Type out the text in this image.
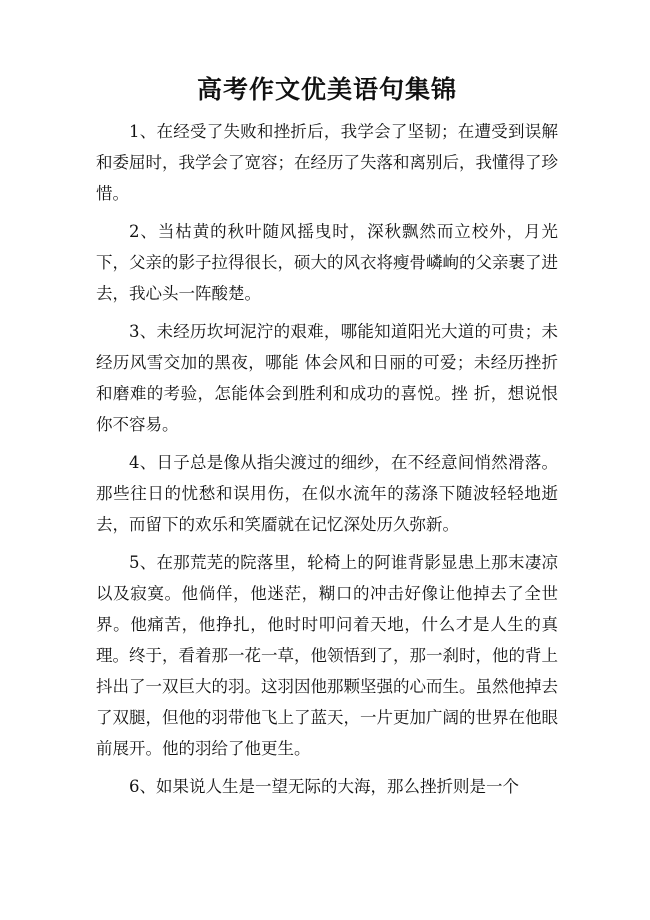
高考作文优美语句集锦

1、在经受了失败和挫折后，我学会了坚韧；在遭受到误解和委屈时，我学会了宽容；在经历了失落和离别后，我懂得了珍惜。

2、当枯黄的秋叶随风摇曳时，深秋飘然而立校外，月光下，父亲的影子拉得很长，硕大的风衣将瘦骨嶙峋的父亲裹了进去，我心头一阵酸楚。

3、未经历坎坷泥泞的艰难，哪能知道阳光大道的可贵；未经历风雪交加的黑夜，哪能 体会风和日丽的可爱；未经历挫折和磨难的考验，怎能体会到胜利和成功的喜悦。挫 折，想说恨你不容易。

4、日子总是像从指尖渡过的细纱，在不经意间悄然滑落。那些往日的忧愁和误用伤，在似水流年的荡涤下随波轻轻地逝去，而留下的欢乐和笑靥就在记忆深处历久弥新。

5、在那荒芜的院落里，轮椅上的阿谁背影显患上那末凄凉以及寂寞。他倘佯，他迷茫，糊口的冲击好像让他掉去了全世界。他痛苦，他挣扎，他时时叩问着天地，什么才是人生的真理。终于，看着那一花一草，他领悟到了，那一刹时，他的背上抖出了一双巨大的羽。这羽因他那颗坚强的心而生。虽然他掉去了双腿，但他的羽带他飞上了蓝天，一片更加广阔的世界在他眼前展开。他的羽给了他更生。

6、如果说人生是一望无际的大海，那么挫折则是一个
